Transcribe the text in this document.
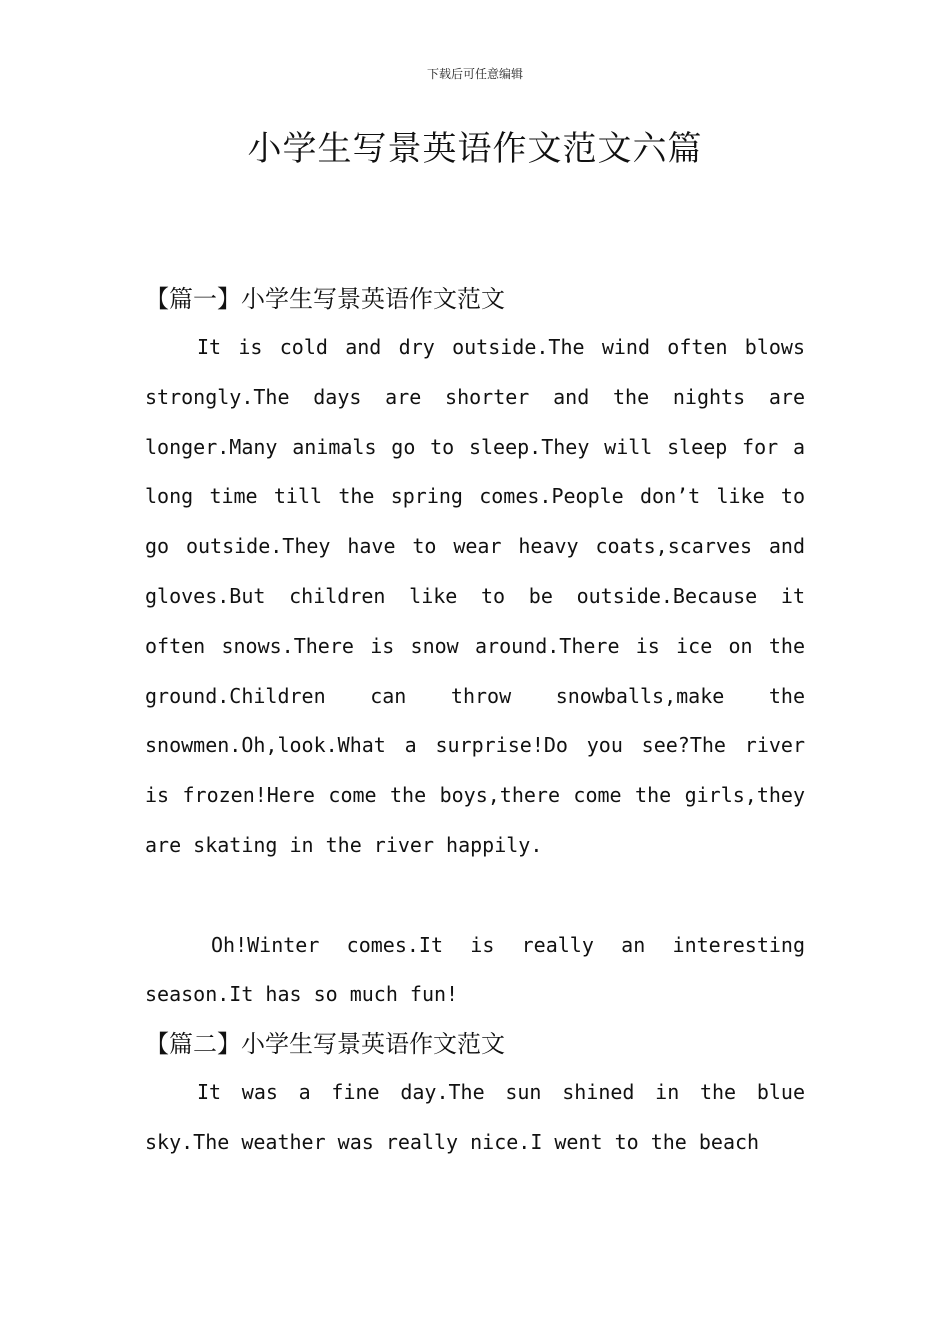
下载后可任意编辑
小学生写景英语作文范文六篇
【篇一】小学生写景英语作文范文

It is cold and dry outside.The wind often blows strongly.The days are shorter and the nights are longer.Many animals go to sleep.They will sleep for a long time till the spring comes.People don’t like to go outside.They have to wear heavy coats,scarves and gloves.But children like to be outside.Because it often snows.There is snow around.There is ice on the ground.Children can throw snowballs,make the snowmen.Oh,look.What a surprise!Do you see?The river is frozen!Here come the boys,there come the girls,they are skating in the river happily.

Oh!Winter comes.It is really an interesting season.It has so much fun!

【篇二】小学生写景英语作文范文

It was a fine day.The sun shined in the blue sky.The weather was really nice.I went to the beach
